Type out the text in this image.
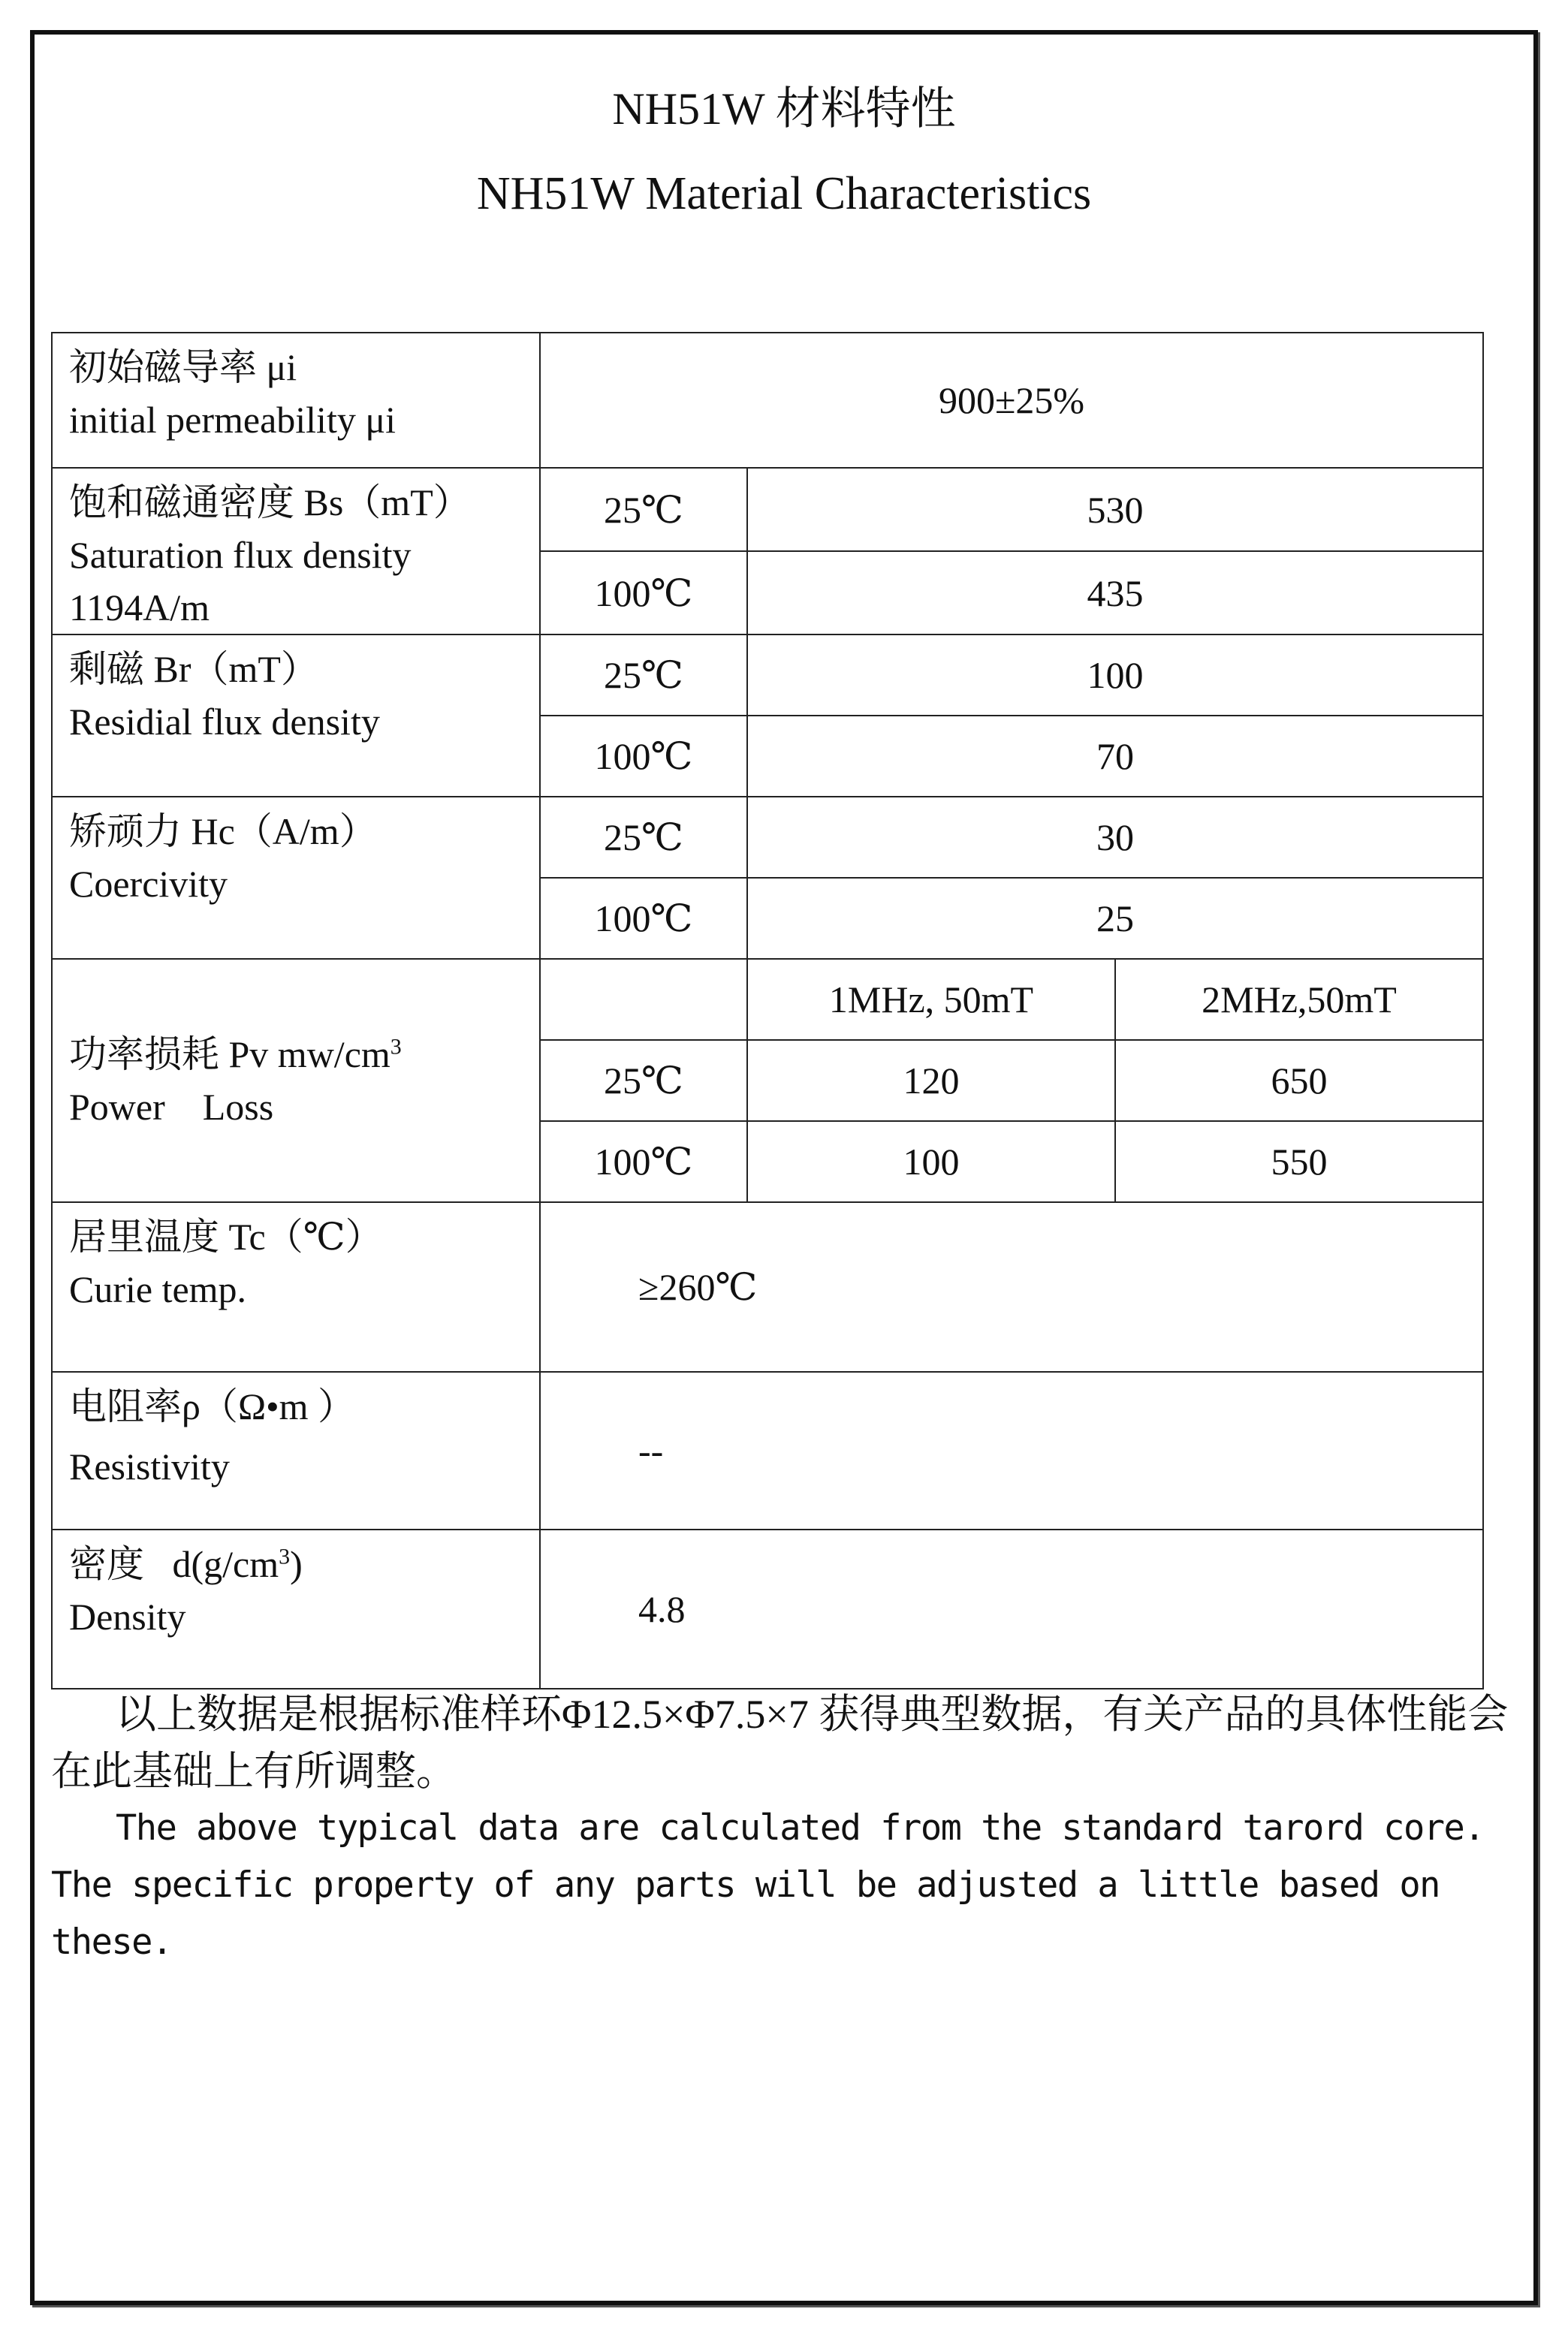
NH51W 材料特性
NH51W Material Characteristics
初始磁导率 μi
initial permeability μi	900±25%		

饱和磁通密度 Bs（mT）
Saturation flux density
1194A/m	25℃	530	
	100℃	435	

剩磁 Br（mT）
Residial flux density	25℃	100	
	100℃	70	

矫顽力 Hc（A/m）
Coercivity	25℃	30	
	100℃	25	

功率损耗 Pv $mw/cm^3$
Power    Loss		1MHz, 50mT	2MHz,50mT
	25℃	120	650
	100℃	100	550

居里温度 Tc（℃）
Curie temp.	≥260℃		

电阻率ρ（Ω•m ）
Resistivity	--		

密度   $d(g/cm^3)$
Density	4.8		

以上数据是根据标准样环Φ12.5×Φ7.5×7 获得典型数据，有关产品的具体性能会在此基础上有所调整。

The above typical data are calculated from the standard tarord core. The specific property of any parts will be adjusted a little based on these.
